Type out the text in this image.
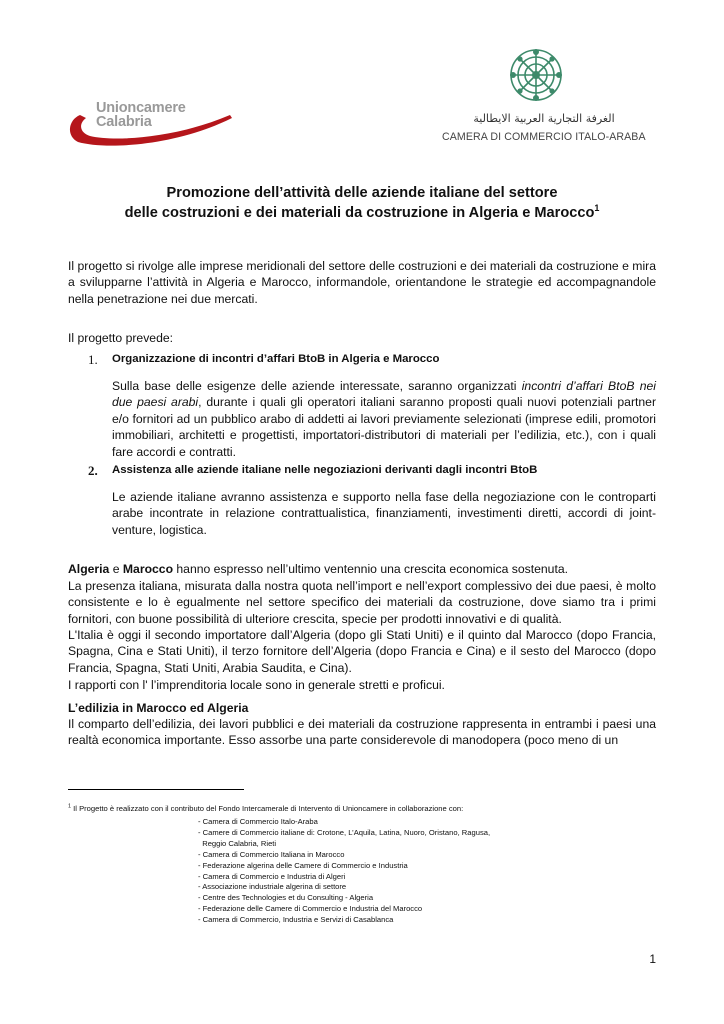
Unioncamere
Calabria	الغرفة التجارية العربية الايطالية
CAMERA DI COMMERCIO ITALO-ARABA
Promozione dell’attività delle aziende italiane del settore
delle costruzioni e dei materiali da costruzione in Algeria e Marocco$^1$

Il progetto si rivolge alle imprese meridionali del settore delle costruzioni e dei materiali da costruzione e mira a svilupparne l’attività in Algeria e Marocco, informandole, orientandone le strategie ed accompagnandole nella penetrazione nei due mercati.

Il progetto prevede:

1. Organizzazione di incontri d’affari BtoB in Algeria e Marocco

Sulla base delle esigenze delle aziende interessate, saranno organizzati incontri d’affari BtoB nei due paesi arabi, durante i quali gli operatori italiani saranno proposti quali nuovi potenziali partner e/o fornitori ad un pubblico arabo di addetti ai lavori previamente selezionati (imprese edili, promotori immobiliari, architetti e progettisti, importatori-distributori di materiali per l’edilizia, etc.), con i quali fare accordi e contratti.

2. Assistenza alle aziende italiane nelle negoziazioni derivanti dagli incontri BtoB

Le aziende italiane avranno assistenza e supporto nella fase della negoziazione con le controparti arabe incontrate in relazione contrattualistica, finanziamenti, investimenti diretti, accordi di joint-venture, logistica.

Algeria e Marocco hanno espresso nell’ultimo ventennio una crescita economica sostenuta.

La presenza italiana, misurata dalla nostra quota nell’import e nell’export complessivo dei due paesi, è molto consistente e lo è egualmente nel settore specifico dei materiali da costruzione, dove siamo tra i primi fornitori, con buone possibilità di ulteriore crescita, specie per prodotti innovativi e di qualità.

L'Italia è oggi il secondo importatore dall’Algeria (dopo gli Stati Uniti) e il quinto dal Marocco (dopo Francia, Spagna, Cina e Stati Uniti), il terzo fornitore dell’Algeria (dopo Francia e Cina) e il sesto del Marocco (dopo Francia, Spagna, Stati Uniti, Arabia Saudita, e Cina).

I rapporti con l' l’imprenditoria locale sono in generale stretti e proficui.

L’edilizia in Marocco ed Algeria

Il comparto dell’edilizia, dei lavori pubblici e dei materiali da costruzione rappresenta in entrambi i paesi una realtà economica importante. Esso assorbe una parte considerevole di manodopera (poco meno di un

$^1$ Il Progetto è realizzato con il contributo del Fondo Intercamerale di Intervento di Unioncamere in collaborazione con:
- Camera di Commercio Italo-Araba
- Camere di Commercio italiane di: Crotone, L’Aquila, Latina, Nuoro, Oristano, Ragusa,
Reggio Calabria, Rieti
- Camera di Commercio Italiana in Marocco
- Federazione algerina delle Camere di Commercio e Industria
- Camera di Commercio e Industria di Algeri
- Associazione industriale algerina di settore
- Centre des Technologies et du Consulting - Algeria
- Federazione delle Camere di Commercio e Industria del Marocco
- Camera di Commercio, Industria e Servizi di Casablanca
1
